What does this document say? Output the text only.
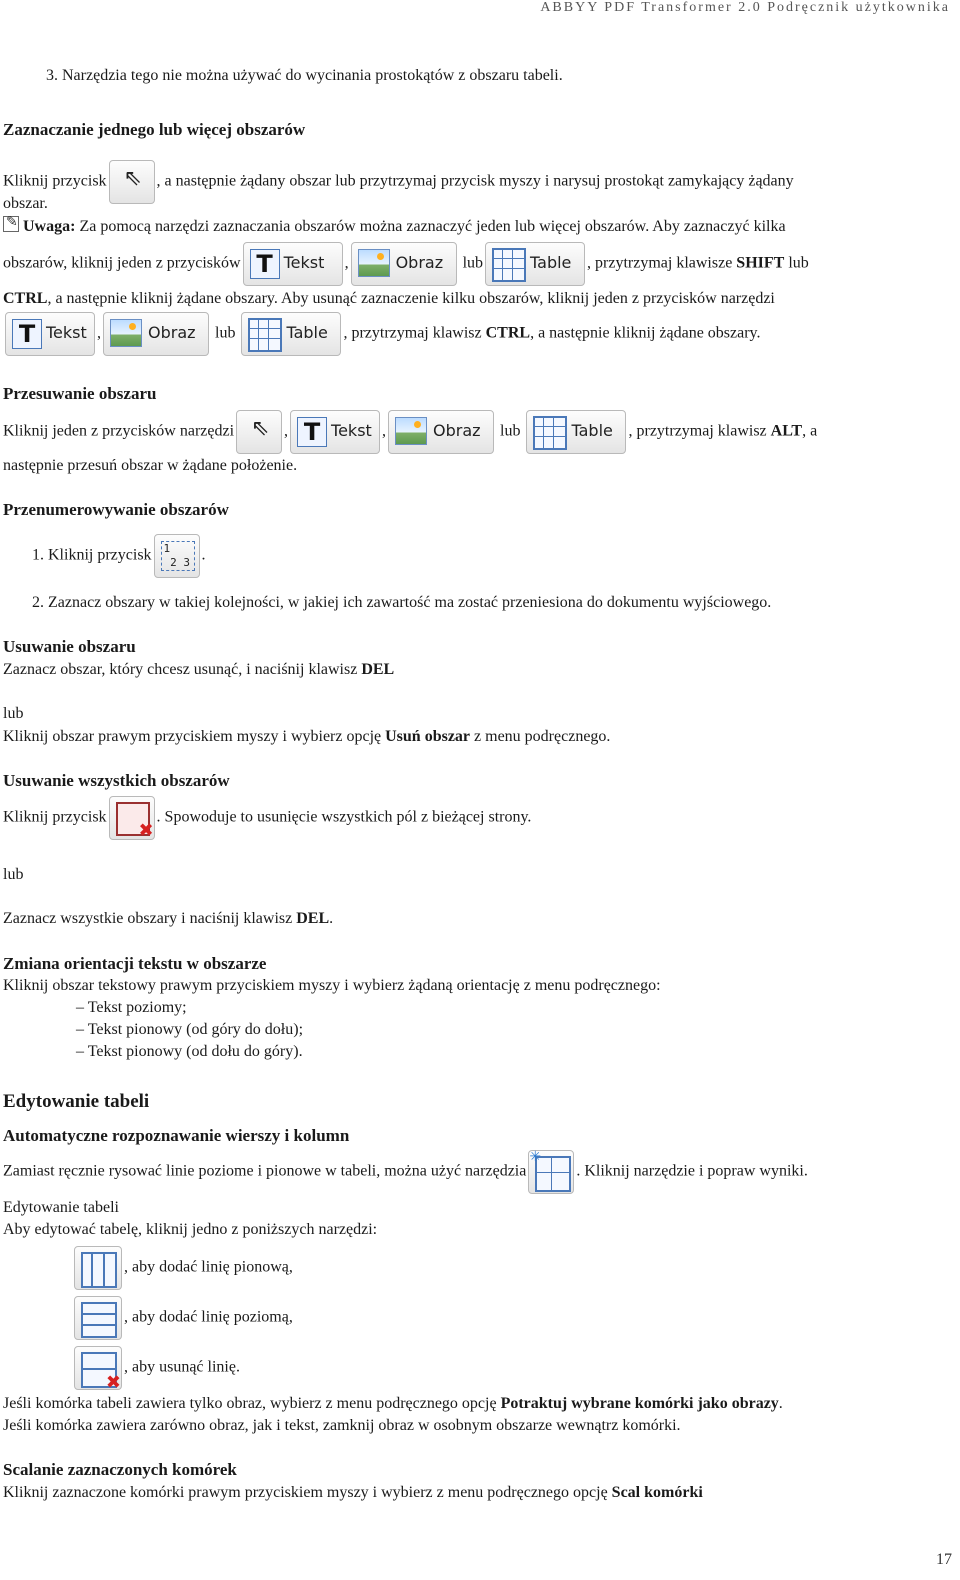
ABBYY PDF Transformer 2.0 Podręcznik użytkownika
3. Narzędzia tego nie można używać do wycinania prostokątów z obszaru tabeli.
Zaznaczanie jednego lub więcej obszarów
Kliknij przycisk ⇖ , a następnie żądany obszar lub przytrzymaj przycisk myszy i narysuj prostokąt zamykający żądany
obszar.
✎Uwaga: Za pomocą narzędzi zaznaczania obszarów można zaznaczyć jeden lub więcej obszarów. Aby zaznaczyć kilka
obszarów, kliknij jeden z przycisków T Tekst ,	Obraz lub	Table , przytrzymaj klawisze SHIFT lub
CTRL, a następnie kliknij żądane obszary. Aby usunąć zaznaczenie kilku obszarów, kliknij jeden z przycisków narzędzi
T Tekst ,	Obraz lub	Table , przytrzymaj klawisz CTRL, a następnie kliknij żądane obszary.
Przesuwanie obszaru
Kliknij jeden z przycisków narzędzi ⇖ , T Tekst ,	Obraz lub	Table , przytrzymaj klawisz ALT, a
następnie przesuń obszar w żądane położenie.
Przenumerowywanie obszarów
1. Kliknij przycisk 1
2 3 .
2. Zaznacz obszary w takiej kolejności, w jakiej ich zawartość ma zostać przeniesiona do dokumentu wyjściowego.
Usuwanie obszaru
Zaznacz obszar, który chcesz usunąć, i naciśnij klawisz DEL
lub
Kliknij obszar prawym przyciskiem myszy i wybierz opcję Usuń obszar z menu podręcznego.
Usuwanie wszystkich obszarów
Kliknij przycisk ✖	. Spowoduje to usunięcie wszystkich pól z bieżącej strony.
lub
Zaznacz wszystkie obszary i naciśnij klawisz DEL.
Zmiana orientacji tekstu w obszarze
Kliknij obszar tekstowy prawym przyciskiem myszy i wybierz żądaną orientację z menu podręcznego:
– Tekst poziomy;
– Tekst pionowy (od góry do dołu);
– Tekst pionowy (od dołu do góry).
Edytowanie tabeli
Automatyczne rozpoznawanie wierszy i kolumn
Zamiast ręcznie rysować linie poziome i pionowe w tabeli, można użyć narzędzia ✳	. Kliknij narzędzie i popraw wyniki.
Edytowanie tabeli
Aby edytować tabelę, kliknij jedno z poniższych narzędzi:
, aby dodać linię pionową,
, aby dodać linię poziomą,
✖
, aby usunąć linię.
Jeśli komórka tabeli zawiera tylko obraz, wybierz z menu podręcznego opcję Potraktuj wybrane komórki jako obrazy.
Jeśli komórka zawiera zarówno obraz, jak i tekst, zamknij obraz w osobnym obszarze wewnątrz komórki.
Scalanie zaznaczonych komórek
Kliknij zaznaczone komórki prawym przyciskiem myszy i wybierz z menu podręcznego opcję Scal komórki
17
